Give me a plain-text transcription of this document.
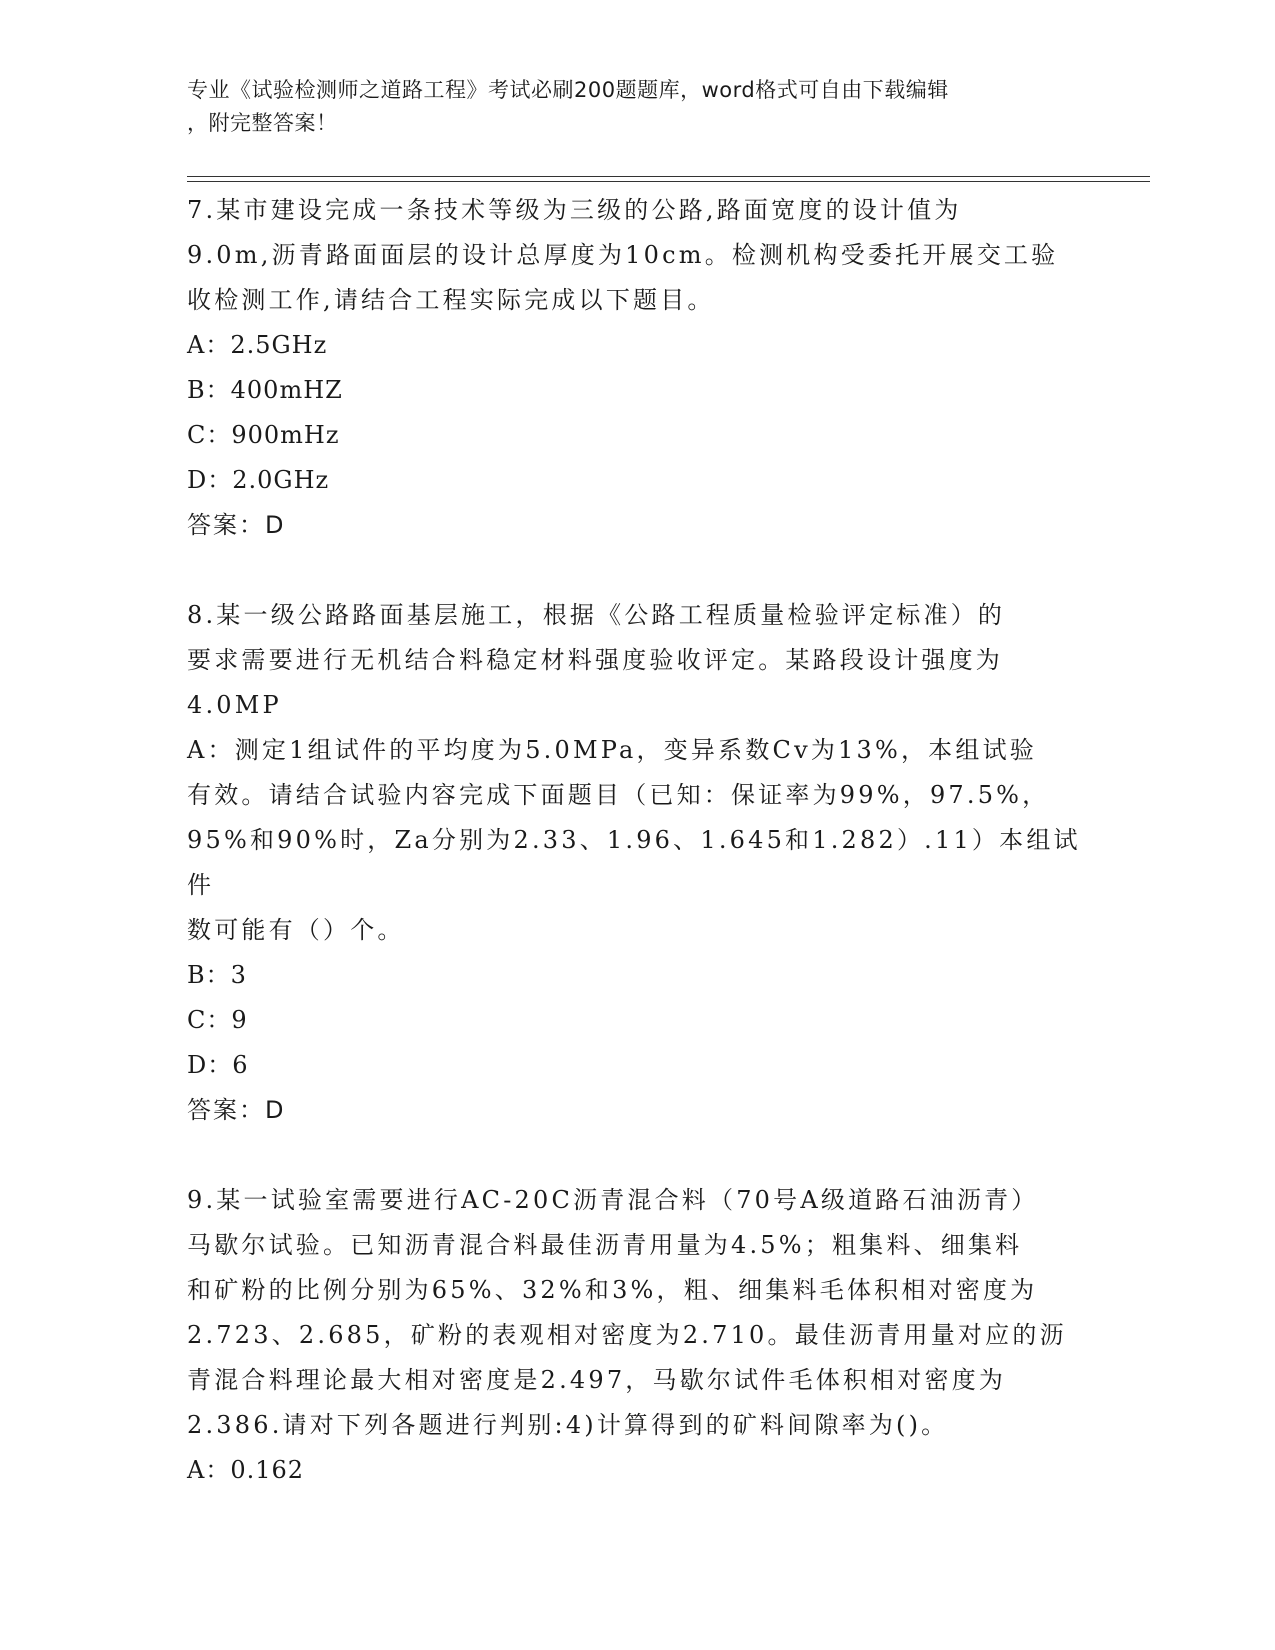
专业《试验检测师之道路工程》考试必刷200题题库，word格式可自由下载编辑
，附完整答案！

7.某市建设完成一条技术等级为三级的公路,路面宽度的设计值为

9.0m,沥青路面面层的设计总厚度为10cm。检测机构受委托开展交工验

收检测工作,请结合工程实际完成以下题目。

A：2.5GHz

B：400mHZ

C：900mHz

D：2.0GHz

答案：D

8.某一级公路路面基层施工，根据《公路工程质量检验评定标准）的

要求需要进行无机结合料稳定材料强度验收评定。某路段设计强度为

4.0MP

A：测定1组试件的平均度为5.0MPa，变异系数Cv为13%，本组试验

有效。请结合试验内容完成下面题目（已知：保证率为99%，97.5%，

95%和90%时，Za分别为2.33、1.96、1.645和1.282）.11）本组试件

数可能有（）个。

B：3

C：9

D：6

答案：D

9.某一试验室需要进行AC-20C沥青混合料（70号A级道路石油沥青）

马歇尔试验。已知沥青混合料最佳沥青用量为4.5%；粗集料、细集料

和矿粉的比例分别为65%、32%和3%，粗、细集料毛体积相对密度为

2.723、2.685，矿粉的表观相对密度为2.710。最佳沥青用量对应的沥

青混合料理论最大相对密度是2.497，马歇尔试件毛体积相对密度为

2.386.请对下列各题进行判别:4)计算得到的矿料间隙率为()。

A：0.162
